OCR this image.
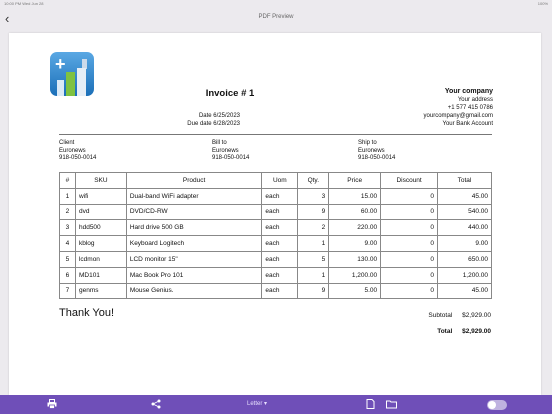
10:00 PM Wed Jun 28	100%
‹	PDF Preview
+
Invoice # 1
Date 6/25/2023
Due date 6/28/2023
Your company
Your address
+1 577 415 0786
yourcompany@gmail.com
Your Bank Account
Client
Euronews
918-050-0014
Bill to
Euronews
918-050-0014
Ship to
Euronews
918-050-0014
#	SKU	Product	Uom	Qty.	Price	Discount	Total
1	wifi	Dual-band WiFi adapter	each	3	15.00	0	45.00
2	dvd	DVD/CD-RW	each	9	60.00	0	540.00
3	hdd500	Hard drive 500 GB	each	2	220.00	0	440.00
4	kblog	Keyboard Logitech	each	1	9.00	0	9.00
5	lcdmon	LCD monitor 15"	each	5	130.00	0	650.00
6	MD101	Mac Book Pro 101	each	1	1,200.00	0	1,200.00
7	genms	Mouse Genius.	each	9	5.00	0	45.00
Thank You!	Subtotal $2,929.00
Total $2,929.00
Letter ▾
